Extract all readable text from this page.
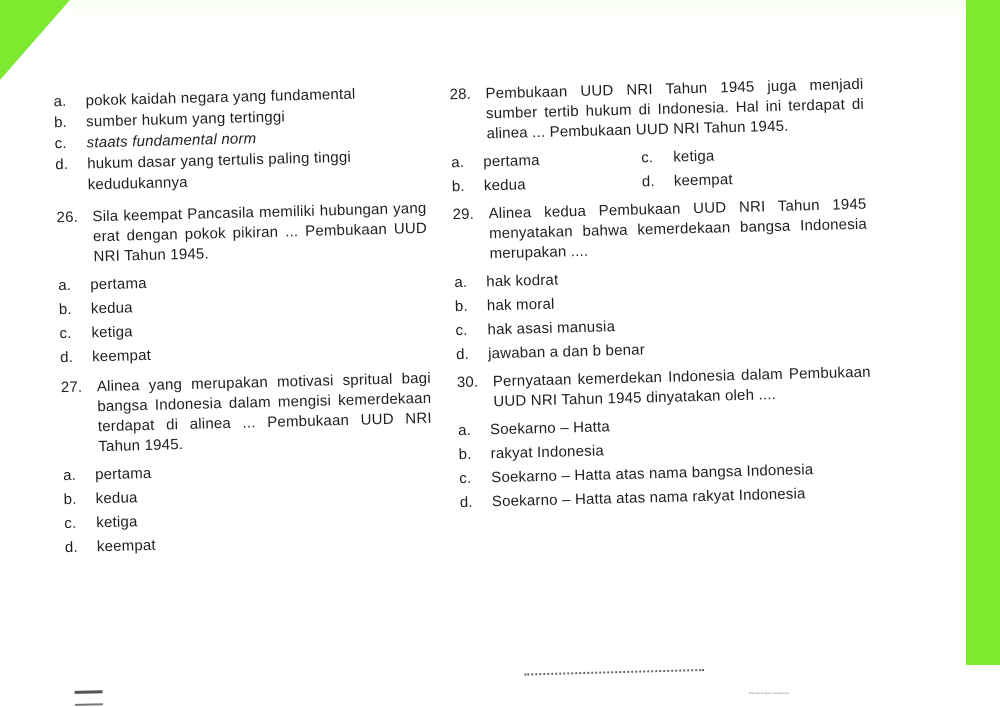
a.	pokok kaidah negara yang fundamental
b.	sumber hukum yang tertinggi
c.	staats fundamental norm
d.	hukum dasar yang tertulis paling tinggi kedudukannya
26. Sila keempat Pancasila memiliki hubungan yang erat dengan pokok pikiran ... Pembukaan UUD NRI Tahun 1945.
a.	pertama
b.	kedua
c.	ketiga
d.	keempat
27. Alinea yang merupakan motivasi spritual bagi bangsa Indonesia dalam mengisi kemerdekaan terdapat di alinea ... Pembukaan UUD NRI Tahun 1945.
a.	pertama
b.	kedua
c.	ketiga
d.	keempat
28. Pembukaan UUD NRI Tahun 1945 juga menjadi sumber tertib hukum di Indonesia. Hal ini terdapat di alinea ... Pembukaan UUD NRI Tahun 1945.
a.	pertama	c.	ketiga
b.	kedua	d.	keempat
29. Alinea kedua Pembukaan UUD NRI Tahun 1945 menyatakan bahwa kemerdekaan bangsa Indonesia merupakan ....
a.	hak kodrat
b.	hak moral
c.	hak asasi manusia
d.	jawaban a dan b benar
30. Pernyataan kemerdekan Indonesia dalam Pembukaan UUD NRI Tahun 1945 dinyatakan oleh ....
a.	Soekarno – Hatta
b.	rakyat Indonesia
c.	Soekarno – Hatta atas nama bangsa Indonesia
d.	Soekarno – Hatta atas nama rakyat Indonesia
Dipindai dengan CamScanner
